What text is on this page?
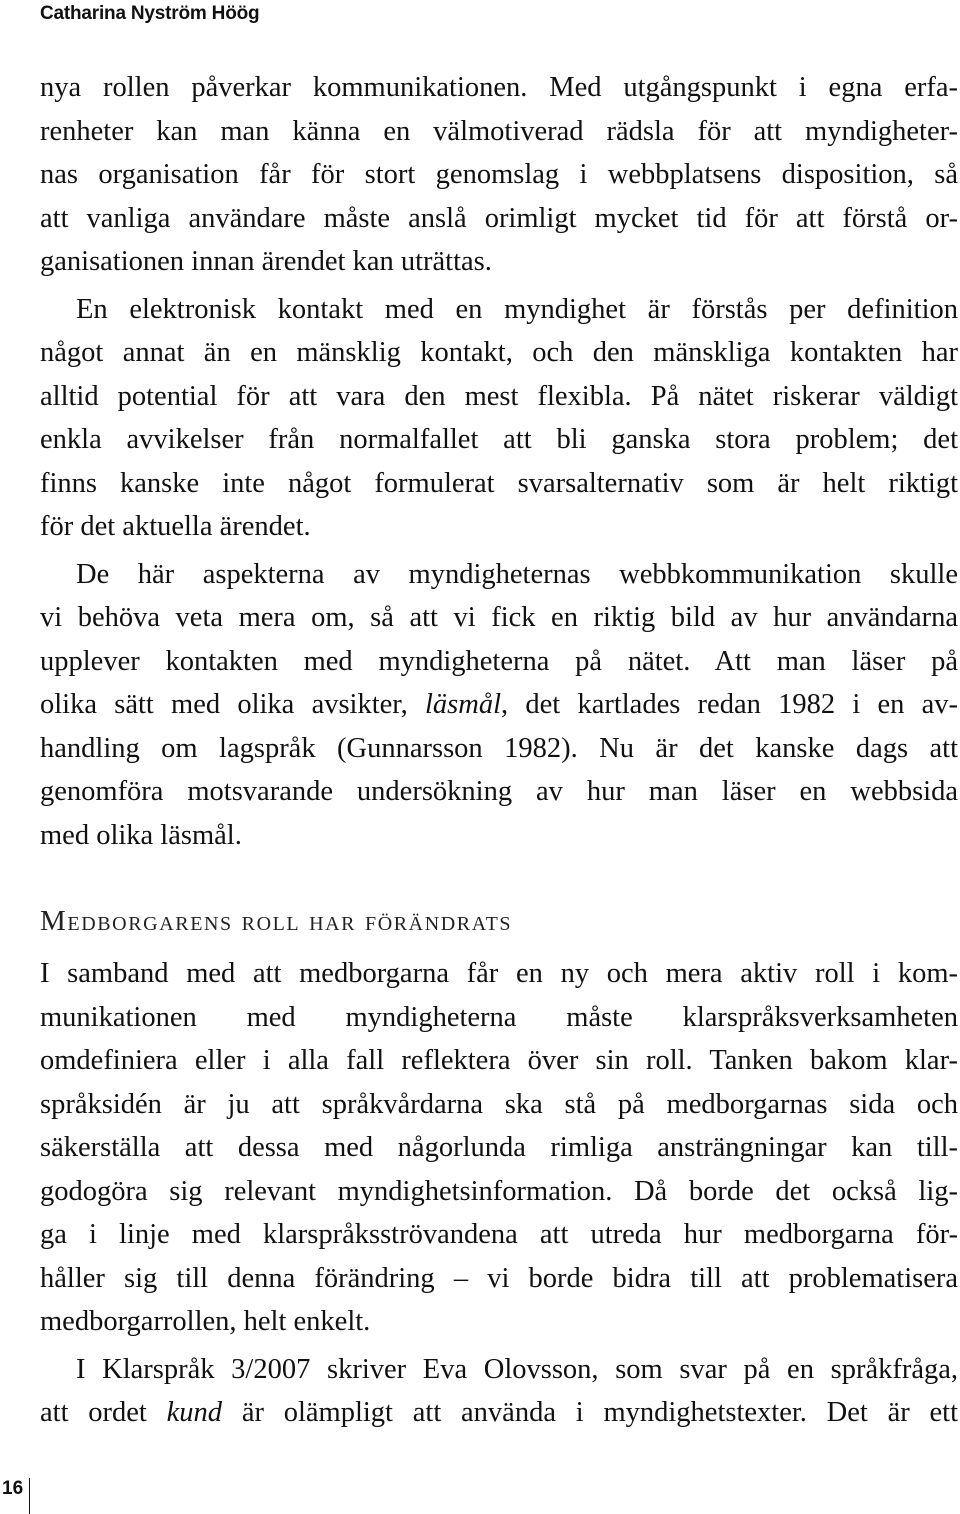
Catharina Nyström Höög
nya rollen påverkar kommunikationen. Med utgångspunkt i egna erfa-
renheter kan man känna en välmotiverad rädsla för att myndigheter-
nas organisation får för stort genomslag i webbplatsens disposition, så
att vanliga användare måste anslå orimligt mycket tid för att förstå or-
ganisationen innan ärendet kan uträttas.
En elektronisk kontakt med en myndighet är förstås per definition
något annat än en mänsklig kontakt, och den mänskliga kontakten har
alltid potential för att vara den mest flexibla. På nätet riskerar väldigt
enkla avvikelser från normalfallet att bli ganska stora problem; det
finns kanske inte något formulerat svarsalternativ som är helt riktigt
för det aktuella ärendet.
De här aspekterna av myndigheternas webbkommunikation skulle
vi behöva veta mera om, så att vi fick en riktig bild av hur användarna
upplever kontakten med myndigheterna på nätet. Att man läser på
olika sätt med olika avsikter, läsmål, det kartlades redan 1982 i en av-
handling om lagspråk (Gunnarsson 1982). Nu är det kanske dags att
genomföra motsvarande undersökning av hur man läser en webbsida
med olika läsmål.
Medborgarens roll har förändrats
I samband med att medborgarna får en ny och mera aktiv roll i kom-
munikationen med myndigheterna måste klarspråksverksamheten
omdefiniera eller i alla fall reflektera över sin roll. Tanken bakom klar-
språksidén är ju att språkvårdarna ska stå på medborgarnas sida och
säkerställa att dessa med någorlunda rimliga ansträngningar kan till-
godogöra sig relevant myndighetsinformation. Då borde det också lig-
ga i linje med klarspråksströvandena att utreda hur medborgarna för-
håller sig till denna förändring – vi borde bidra till att problematisera
medborgarrollen, helt enkelt.
I Klarspråk 3/2007 skriver Eva Olovsson, som svar på en språkfråga,
att ordet kund är olämpligt att använda i myndighetstexter. Det är ett
16
